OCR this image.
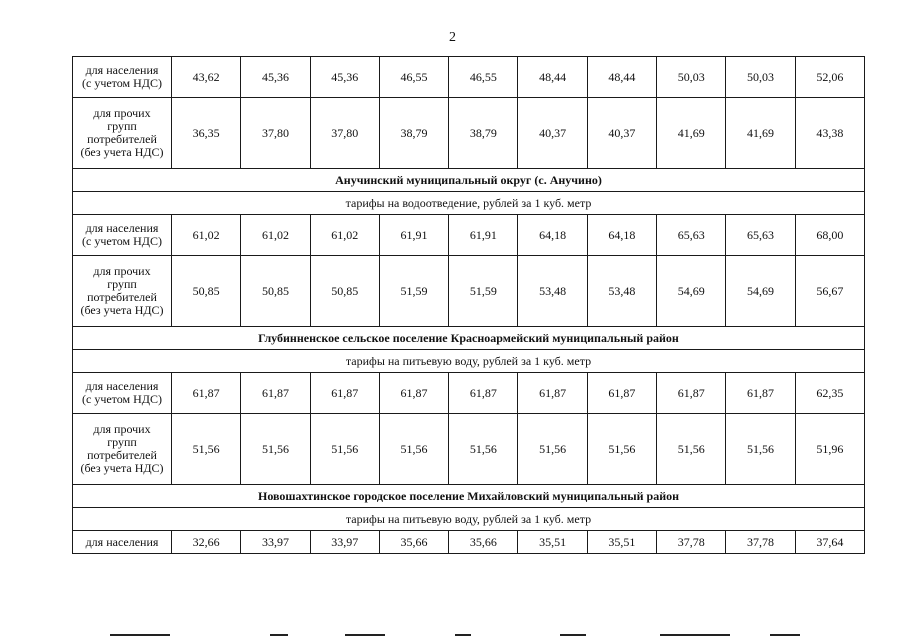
2
для населения
(с учетом НДС)	43,62	45,36	45,36	46,55	46,55	48,44	48,44	50,03	50,03	52,06

для прочих
групп
потребителей
(без учета НДС)	36,35	37,80	37,80	38,79	38,79	40,37	40,37	41,69	41,69	43,38
Анучинский муниципальный округ (с. Анучино)										
тарифы на водоотведение, рублей за 1 куб. метр										

для населения
(с учетом НДС)	61,02	61,02	61,02	61,91	61,91	64,18	64,18	65,63	65,63	68,00

для прочих
групп
потребителей
(без учета НДС)	50,85	50,85	50,85	51,59	51,59	53,48	53,48	54,69	54,69	56,67
Глубинненское сельское поселение Красноармейский муниципальный район										
тарифы на питьевую воду, рублей за 1 куб. метр										

для населения
(с учетом НДС)	61,87	61,87	61,87	61,87	61,87	61,87	61,87	61,87	61,87	62,35

для прочих
групп
потребителей
(без учета НДС)	51,56	51,56	51,56	51,56	51,56	51,56	51,56	51,56	51,56	51,96
Новошахтинское городское поселение Михайловский муниципальный район										
тарифы на питьевую воду, рублей за 1 куб. метр										

для населения	32,66	33,97	33,97	35,66	35,66	35,51	35,51	37,78	37,78	37,64
